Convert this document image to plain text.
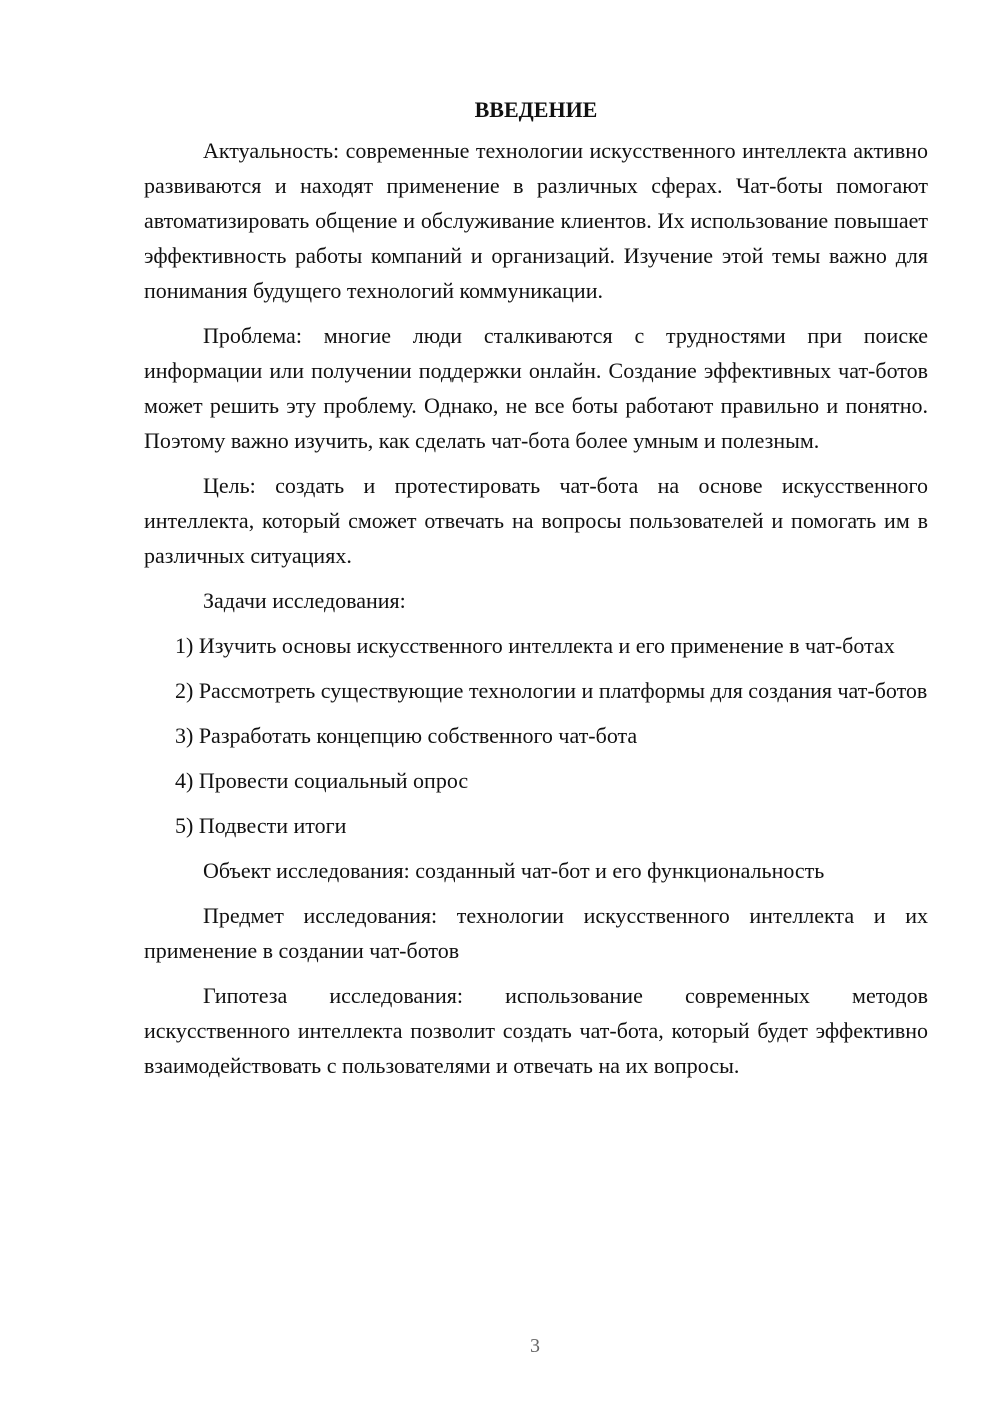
ВВЕДЕНИЕ

Актуальность: современные технологии искусственного интеллекта активно развиваются и находят применение в различных сферах. Чат-боты помогают автоматизировать общение и обслуживание клиентов. Их использование повышает эффективность работы компаний и организаций. Изучение этой темы важно для понимания будущего технологий коммуникации.

Проблема: многие люди сталкиваются с трудностями при поиске информации или получении поддержки онлайн. Создание эффективных чат-ботов может решить эту проблему. Однако, не все боты работают правильно и понятно. Поэтому важно изучить, как сделать чат-бота более умным и полезным.

Цель: создать и протестировать чат-бота на основе искусственного интеллекта, который сможет отвечать на вопросы пользователей и помогать им в различных ситуациях.

Задачи исследования:

1) Изучить основы искусственного интеллекта и его применение в чат-ботах

2) Рассмотреть существующие технологии и платформы для создания чат-ботов

3) Разработать концепцию собственного чат-бота

4) Провести социальный опрос

5) Подвести итоги

Объект исследования: созданный чат-бот и его функциональность

Предмет исследования: технологии искусственного интеллекта и их применение в создании чат-ботов

Гипотеза исследования: использование современных методов искусственного интеллекта позволит создать чат-бота, который будет эффективно взаимодействовать с пользователями и отвечать на их вопросы.

3
